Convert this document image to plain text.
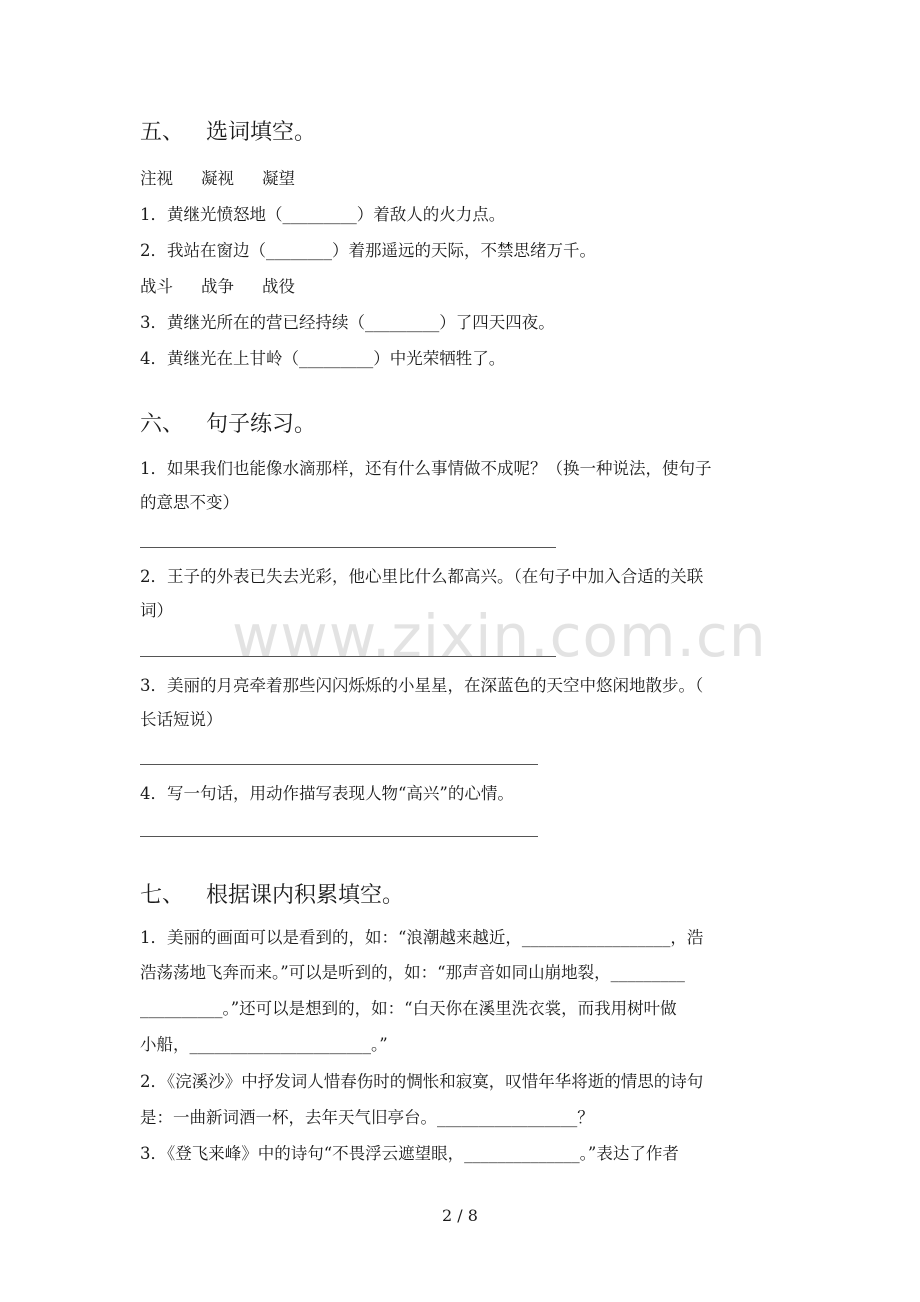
五、 选词填空。
注视 凝视 凝望
1．黄继光愤怒地（_________）着敌人的火力点。
2．我站在窗边（________）着那遥远的天际，不禁思绪万千。
战斗 战争 战役
3．黄继光所在的营已经持续（_________）了四天四夜。
4．黄继光在上甘岭（_________）中光荣牺牲了。
六、 句子练习。
1．如果我们也能像水滴那样，还有什么事情做不成呢？（换一种说法，使句子
的意思不变）
2．王子的外表已失去光彩，他心里比什么都高兴。（在句子中加入合适的关联
词）
3．美丽的月亮牵着那些闪闪烁烁的小星星，在深蓝色的天空中悠闲地散步。（
长话短说）
4．写一句话，用动作描写表现人物“高兴”的心情。
七、 根据课内积累填空。
1．美丽的画面可以是看到的，如：“浪潮越来越近，__________________，浩
浩荡荡地飞奔而来。”可以是听到的，如：“那声音如同山崩地裂，_________
__________。”还可以是想到的，如：“白天你在溪里洗衣裳，而我用树叶做
小船，______________________。”
2．《浣溪沙》中抒发词人惜春伤时的惆怅和寂寞，叹惜年华将逝的情思的诗句
是：一曲新词酒一杯，去年天气旧亭台。_________________？
3．《登飞来峰》中的诗句“不畏浮云遮望眼，______________。”表达了作者
www.zixin.com.cn
2 / 8
